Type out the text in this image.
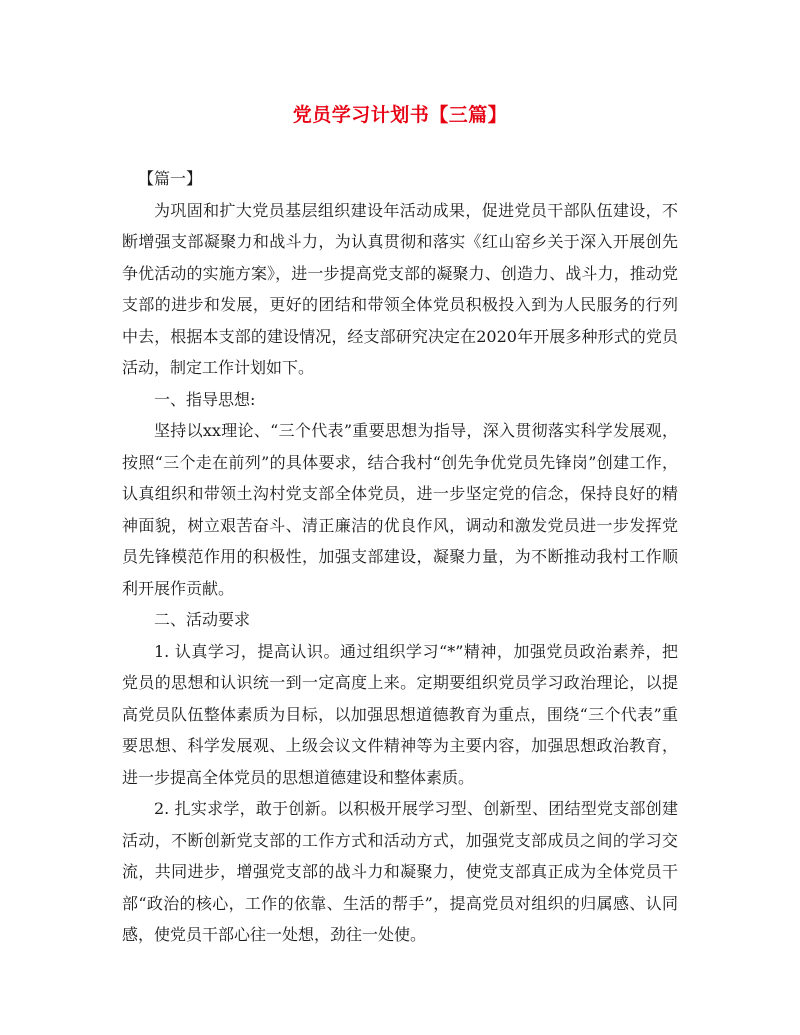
党员学习计划书【三篇】

【篇一】

为巩固和扩大党员基层组织建设年活动成果，促进党员干部队伍建设，不断增强支部凝聚力和战斗力，为认真贯彻和落实《红山窑乡关于深入开展创先争优活动的实施方案》，进一步提高党支部的凝聚力、创造力、战斗力，推动党支部的进步和发展，更好的团结和带领全体党员积极投入到为人民服务的行列中去，根据本支部的建设情况，经支部研究决定在2020年开展多种形式的党员活动，制定工作计划如下。

一、指导思想:

坚持以xx理论、“三个代表”重要思想为指导，深入贯彻落实科学发展观，按照“三个走在前列”的具体要求，结合我村“创先争优党员先锋岗”创建工作，认真组织和带领土沟村党支部全体党员，进一步坚定党的信念，保持良好的精神面貌，树立艰苦奋斗、清正廉洁的优良作风，调动和激发党员进一步发挥党员先锋模范作用的积极性，加强支部建设，凝聚力量，为不断推动我村工作顺利开展作贡献。

二、活动要求

1. 认真学习，提高认识。通过组织学习“*”精神，加强党员政治素养，把党员的思想和认识统一到一定高度上来。定期要组织党员学习政治理论，以提高党员队伍整体素质为目标，以加强思想道德教育为重点，围绕“三个代表”重要思想、科学发展观、上级会议文件精神等为主要内容，加强思想政治教育，进一步提高全体党员的思想道德建设和整体素质。

2. 扎实求学，敢于创新。以积极开展学习型、创新型、团结型党支部创建活动，不断创新党支部的工作方式和活动方式，加强党支部成员之间的学习交流，共同进步，增强党支部的战斗力和凝聚力，使党支部真正成为全体党员干部“政治的核心，工作的依靠、生活的帮手”，提高党员对组织的归属感、认同感，使党员干部心往一处想，劲往一处使。
